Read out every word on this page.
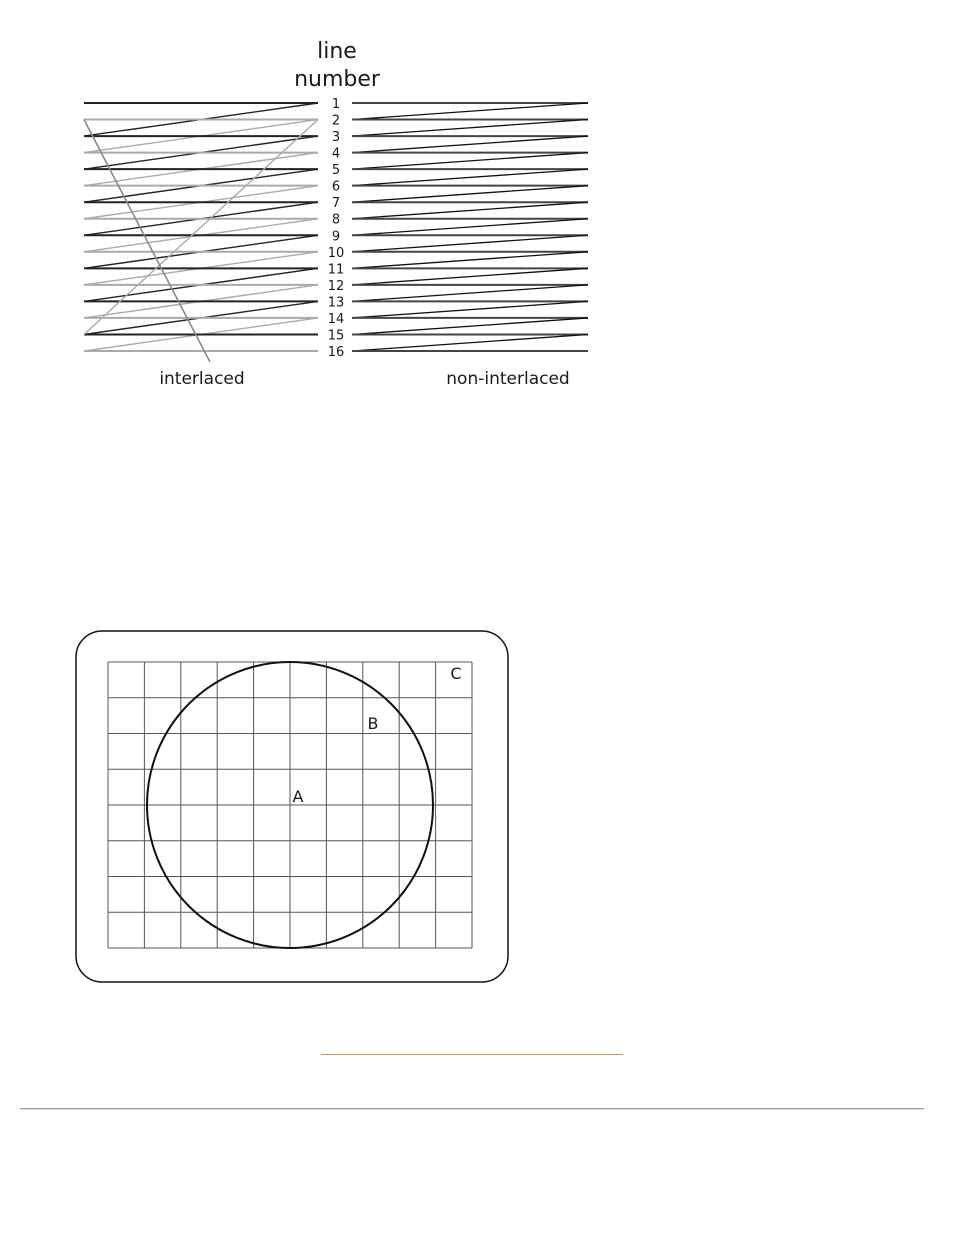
line
number
1
2
3
4
5
6
7
8
9
10
11
12
13
14
15
16
interlaced	non-interlaced
A
B
C
